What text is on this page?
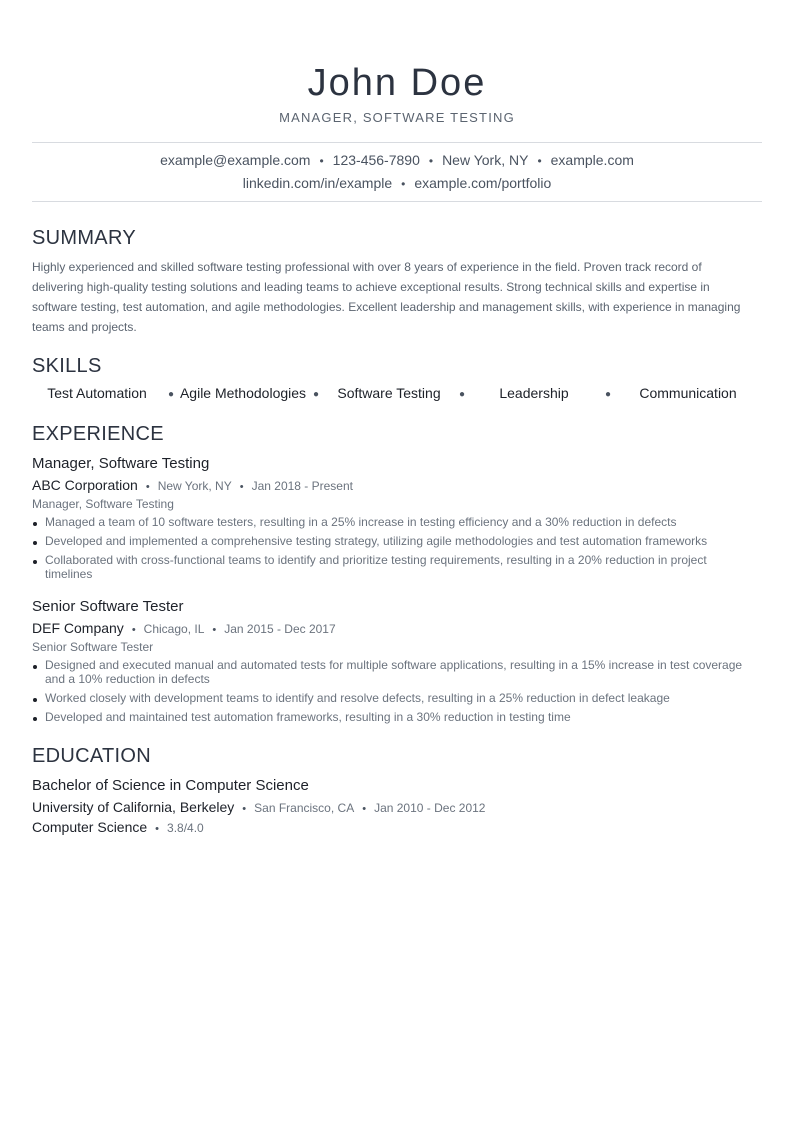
John Doe
MANAGER, SOFTWARE TESTING
example@example.com • 123-456-7890 • New York, NY • example.com
linkedin.com/in/example • example.com/portfolio
SUMMARY
Highly experienced and skilled software testing professional with over 8 years of experience in the field. Proven track record of delivering high-quality testing solutions and leading teams to achieve exceptional results. Strong technical skills and expertise in software testing, test automation, and agile methodologies. Excellent leadership and management skills, with experience in managing teams and projects.
SKILLS
Test Automation	● Agile Methodologies ●	Software Testing	●	Leadership	●	Communication
EXPERIENCE
Manager, Software Testing
ABC Corporation • New York, NY • Jan 2018 - Present
Manager, Software Testing
Managed a team of 10 software testers, resulting in a 25% increase in testing efficiency and a 30% reduction in defects
Developed and implemented a comprehensive testing strategy, utilizing agile methodologies and test automation frameworks
Collaborated with cross-functional teams to identify and prioritize testing requirements, resulting in a 20% reduction in project timelines
Senior Software Tester
DEF Company • Chicago, IL • Jan 2015 - Dec 2017
Senior Software Tester
Designed and executed manual and automated tests for multiple software applications, resulting in a 15% increase in test coverage and a 10% reduction in defects
Worked closely with development teams to identify and resolve defects, resulting in a 25% reduction in defect leakage
Developed and maintained test automation frameworks, resulting in a 30% reduction in testing time
EDUCATION
Bachelor of Science in Computer Science
University of California, Berkeley • San Francisco, CA • Jan 2010 - Dec 2012
Computer Science • 3.8/4.0
